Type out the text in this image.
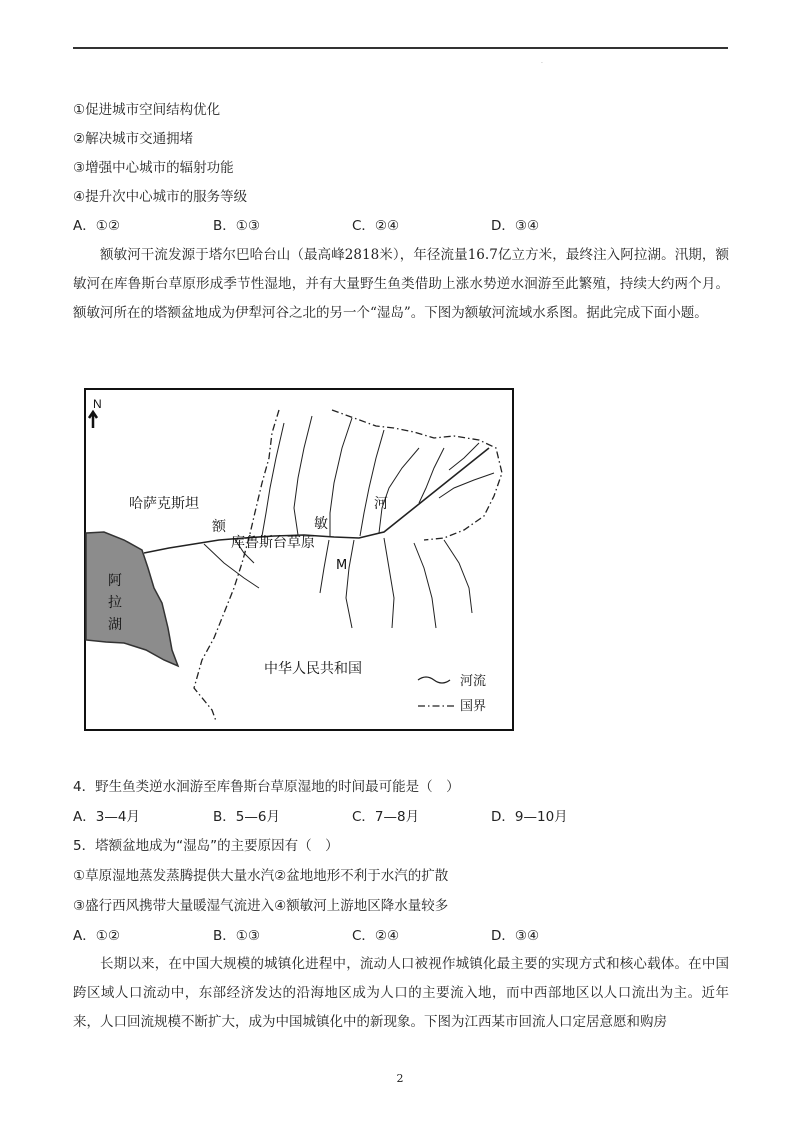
.
①促进城市空间结构优化
②解决城市交通拥堵
③增强中心城市的辐射功能
④提升次中心城市的服务等级
A．①②	B．①③	C．②④	D．③④
额敏河干流发源于塔尔巴哈台山（最高峰2818米），年径流量16.7亿立方米，最终注入阿拉湖。汛期，额敏河在库鲁斯台草原形成季节性湿地，并有大量野生鱼类借助上涨水势逆水洄游至此繁殖，持续大约两个月。额敏河所在的塔额盆地成为伊犁河谷之北的另一个“湿岛”。下图为额敏河流域水系图。据此完成下面小题。
N
哈萨克斯坦
额	敏
河
库鲁斯台草原
M
阿
拉
湖
中华人民共和国
河流
国界
4．野生鱼类逆水洄游至库鲁斯台草原湿地的时间最可能是（　）
A．3—4月	B．5—6月	C．7—8月	D．9—10月
5．塔额盆地成为“湿岛”的主要原因有（　）
①草原湿地蒸发蒸腾提供大量水汽②盆地地形不利于水汽的扩散
③盛行西风携带大量暖湿气流进入④额敏河上游地区降水量较多
A．①②	B．①③	C．②④	D．③④
长期以来，在中国大规模的城镇化进程中，流动人口被视作城镇化最主要的实现方式和核心载体。在中国跨区域人口流动中，东部经济发达的沿海地区成为人口的主要流入地，而中西部地区以人口流出为主。近年来，人口回流规模不断扩大，成为中国城镇化中的新现象。下图为江西某市回流人口定居意愿和购房
2
